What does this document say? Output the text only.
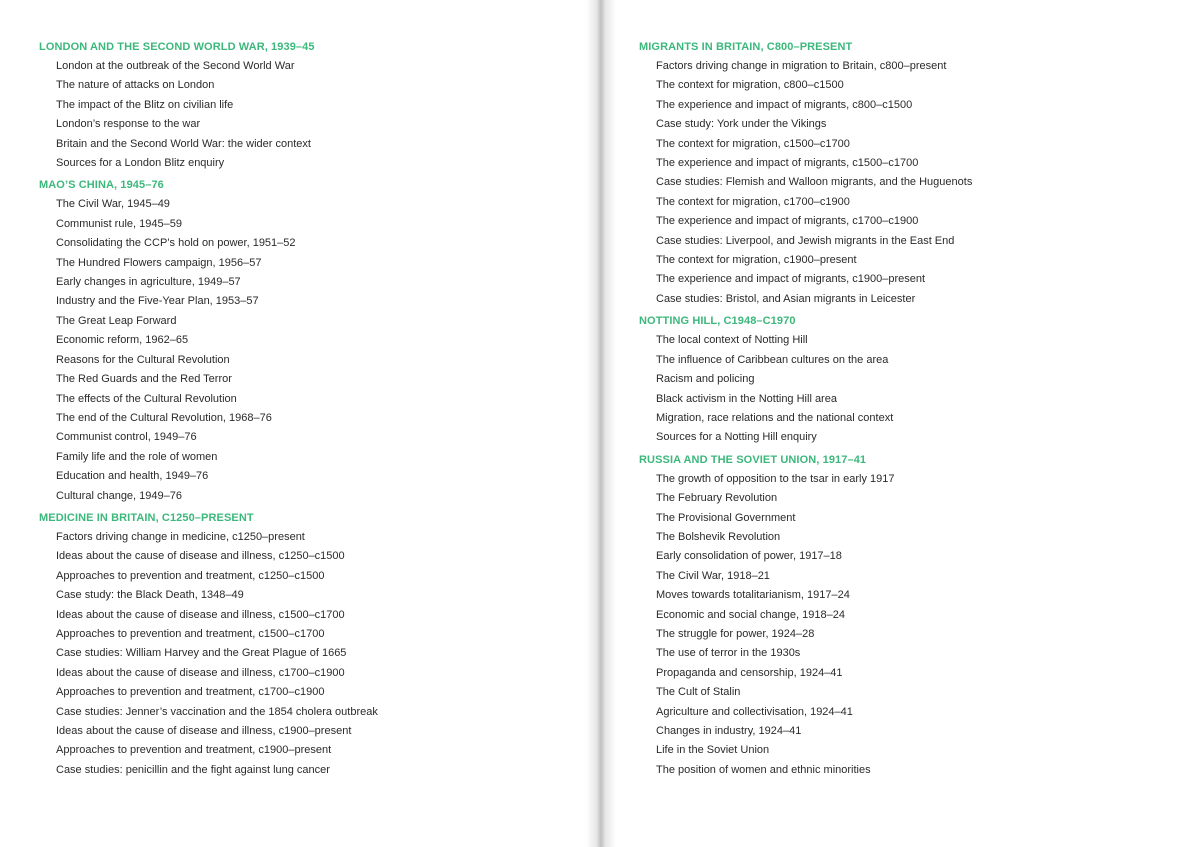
LONDON AND THE SECOND WORLD WAR, 1939–45
London at the outbreak of the Second World War
The nature of attacks on London
The impact of the Blitz on civilian life
London’s response to the war
Britain and the Second World War: the wider context
Sources for a London Blitz enquiry
MAO’S CHINA, 1945–76
The Civil War, 1945–49
Communist rule, 1945–59
Consolidating the CCP’s hold on power, 1951–52
The Hundred Flowers campaign, 1956–57
Early changes in agriculture, 1949–57
Industry and the Five-Year Plan, 1953–57
The Great Leap Forward
Economic reform, 1962–65
Reasons for the Cultural Revolution
The Red Guards and the Red Terror
The effects of the Cultural Revolution
The end of the Cultural Revolution, 1968–76
Communist control, 1949–76
Family life and the role of women
Education and health, 1949–76
Cultural change, 1949–76
MEDICINE IN BRITAIN, C1250–PRESENT
Factors driving change in medicine, c1250–present
Ideas about the cause of disease and illness, c1250–c1500
Approaches to prevention and treatment, c1250–c1500
Case study: the Black Death, 1348–49
Ideas about the cause of disease and illness, c1500–c1700
Approaches to prevention and treatment, c1500–c1700
Case studies: William Harvey and the Great Plague of 1665
Ideas about the cause of disease and illness, c1700–c1900
Approaches to prevention and treatment, c1700–c1900
Case studies: Jenner’s vaccination and the 1854 cholera outbreak
Ideas about the cause of disease and illness, c1900–present
Approaches to prevention and treatment, c1900–present
Case studies: penicillin and the fight against lung cancer
MIGRANTS IN BRITAIN, C800–PRESENT
Factors driving change in migration to Britain, c800–present
The context for migration, c800–c1500
The experience and impact of migrants, c800–c1500
Case study: York under the Vikings
The context for migration, c1500–c1700
The experience and impact of migrants, c1500–c1700
Case studies: Flemish and Walloon migrants, and the Huguenots
The context for migration, c1700–c1900
The experience and impact of migrants, c1700–c1900
Case studies: Liverpool, and Jewish migrants in the East End
The context for migration, c1900–present
The experience and impact of migrants, c1900–present
Case studies: Bristol, and Asian migrants in Leicester
NOTTING HILL, C1948–C1970
The local context of Notting Hill
The influence of Caribbean cultures on the area
Racism and policing
Black activism in the Notting Hill area
Migration, race relations and the national context
Sources for a Notting Hill enquiry
RUSSIA AND THE SOVIET UNION, 1917–41
The growth of opposition to the tsar in early 1917
The February Revolution
The Provisional Government
The Bolshevik Revolution
Early consolidation of power, 1917–18
The Civil War, 1918–21
Moves towards totalitarianism, 1917–24
Economic and social change, 1918–24
The struggle for power, 1924–28
The use of terror in the 1930s
Propaganda and censorship, 1924–41
The Cult of Stalin
Agriculture and collectivisation, 1924–41
Changes in industry, 1924–41
Life in the Soviet Union
The position of women and ethnic minorities
